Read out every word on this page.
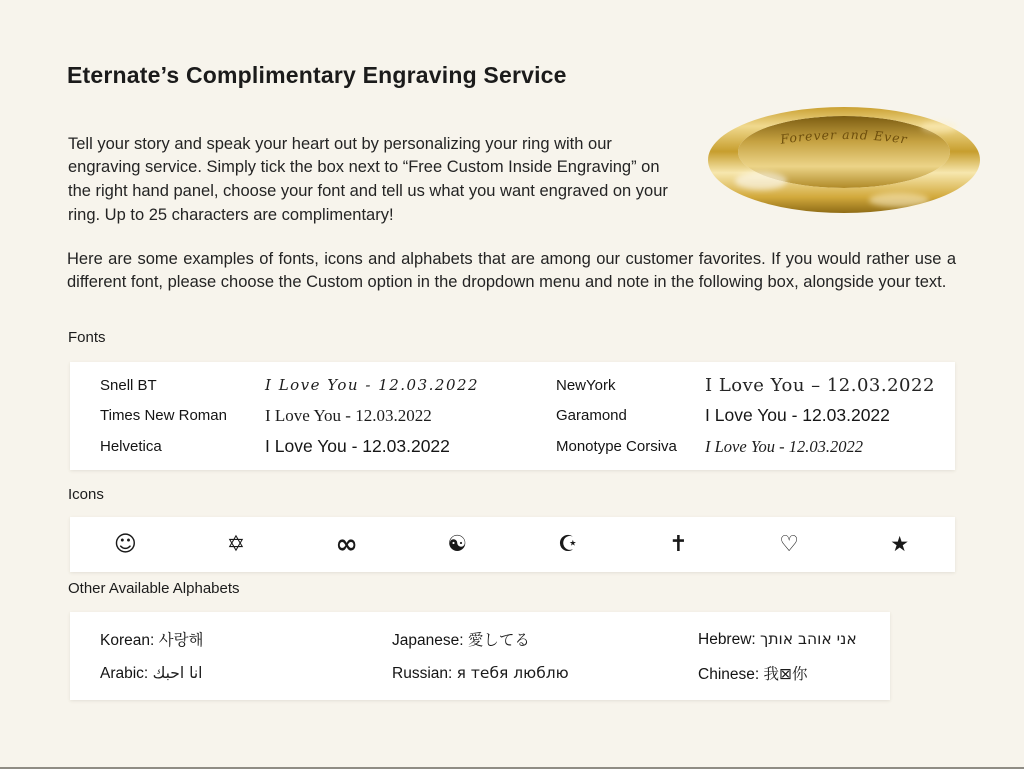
Eternate’s Complimentary Engraving Service
Forever and Ever

Tell your story and speak your heart out by personalizing your ring with our engraving service. Simply tick the box next to “Free Custom Inside Engraving” on the right hand panel, choose your font and tell us what you want engraved on your ring. Up to 25 characters are complimentary!

Here are some examples of fonts, icons and alphabets that are among our customer favorites. If you would rather use a different font, please choose the Custom option in the dropdown menu and note in the following box, alongside your text.

Fonts
Snell BT	I Love You - 12.03.2022	NewYork	I Love You – 12.03.2022
Times New Roman	I Love You - 12.03.2022	Garamond	I Love You - 12.03.2022
Helvetica	I Love You - 12.03.2022	Monotype Corsiva	I Love You - 12.03.2022
Icons
☺	✡	∞	☯	☪	✝	♡	★
Other Available Alphabets
Korean: 사랑해	Japanese: 愛してる	Hebrew: אני אוהב אותך
Arabic: انا احبك	Russian: я тебя люблю	Chinese: 我⊠你
